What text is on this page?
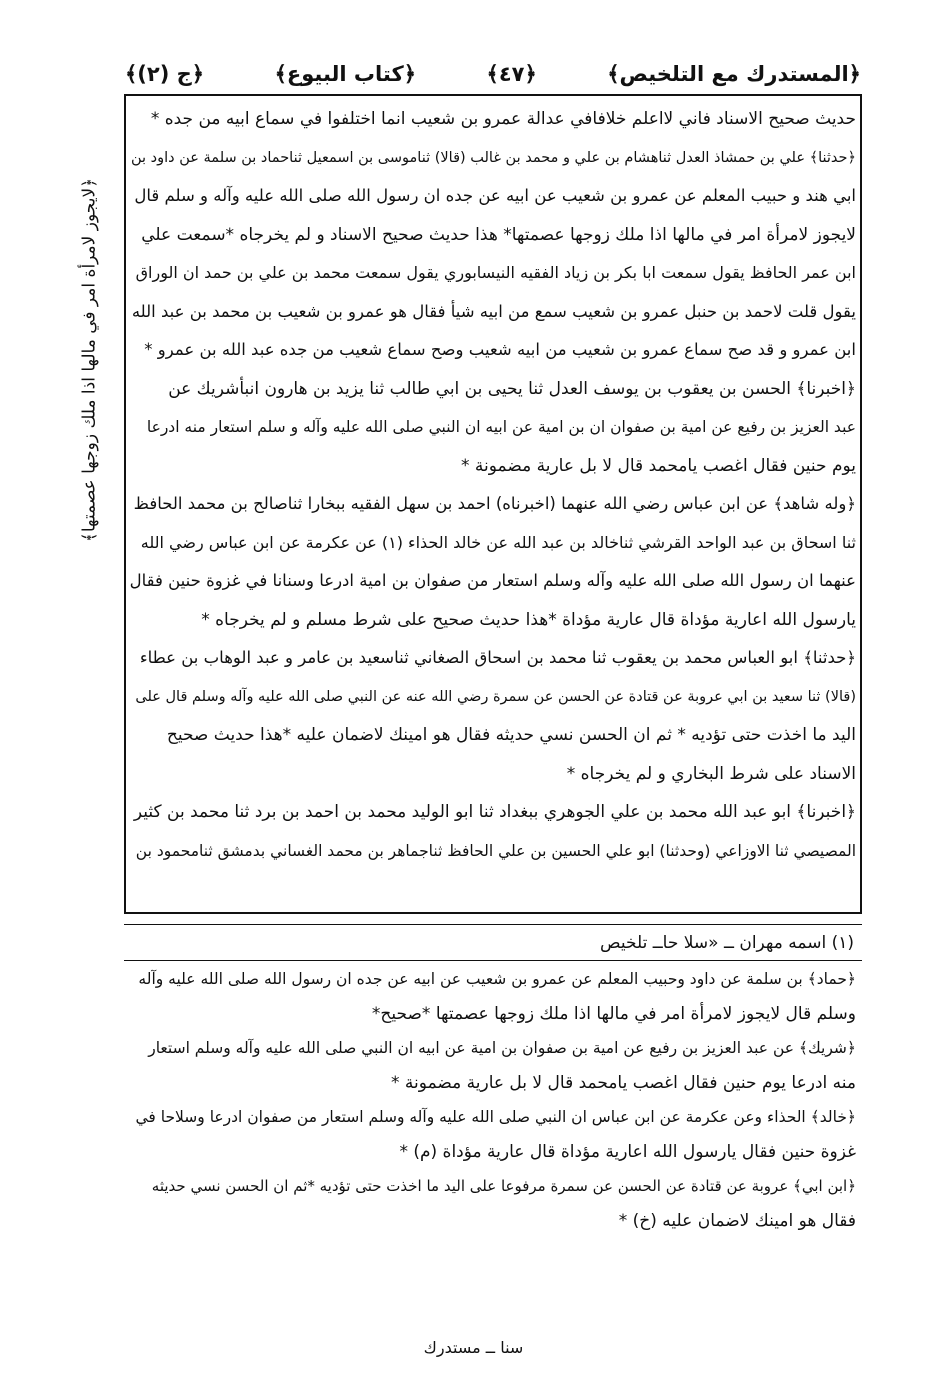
﴿المستدرك مع التلخيص﴾
﴿٤٧﴾
﴿كتاب البيوع﴾
﴿ج (٢)﴾
﴿لايجوز لامرأة امر في مالها اذا ملك زوجها عصمتها﴾
حديث صحيح الاسناد فاني لااعلم خلافافي عدالة عمرو بن شعيب انما اختلفوا في سماع ابيه من جده *
﴿حدثنا﴾ علي بن حمشاذ العدل ثناهشام بن علي و محمد بن غالب (قالا) ثناموسى بن اسمعيل ثناحماد بن سلمة عن داود بن
ابي هند و حبيب المعلم عن عمرو بن شعيب عن ابيه عن جده ان رسول الله صلى الله عليه وآله و سلم قال
لايجوز لامرأة امر في مالها اذا ملك زوجها عصمتها* هذا حديث صحيح الاسناد و لم يخرجاه *سمعت علي
ابن عمر الحافظ يقول سمعت ابا بكر بن زياد الفقيه النيسابوري يقول سمعت محمد بن علي بن حمد ان الوراق
يقول قلت لاحمد بن حنبل عمرو بن شعيب سمع من ابيه شيأ فقال هو عمرو بن شعيب بن محمد بن عبد الله
ابن عمرو و قد صح سماع عمرو بن شعيب من ابيه شعيب وصح سماع شعيب من جده عبد الله بن عمرو *
﴿اخبرنا﴾ الحسن بن يعقوب بن يوسف العدل ثنا يحيى بن ابي طالب ثنا يزيد بن هارون انبأشريك عن
عبد العزيز بن رفيع عن امية بن صفوان ان بن امية عن ابيه ان النبي صلى الله عليه وآله و سلم استعار منه ادرعا
يوم حنين فقال اغصب يامحمد قال لا بل عارية مضمونة *
﴿وله شاهد﴾ عن ابن عباس رضي الله عنهما (اخبرناه) احمد بن سهل الفقيه ببخارا ثناصالح بن محمد الحافظ
ثنا اسحاق بن عبد الواحد القرشي ثناخالد بن عبد الله عن خالد الحذاء (١) عن عكرمة عن ابن عباس رضي الله
عنهما ان رسول الله صلى الله عليه وآله وسلم استعار من صفوان بن امية ادرعا وسنانا في غزوة حنين فقال
يارسول الله اعارية مؤداة قال عارية مؤداة *هذا حديث صحيح على شرط مسلم و لم يخرجاه *
﴿حدثنا﴾ ابو العباس محمد بن يعقوب ثنا محمد بن اسحاق الصغاني ثناسعيد بن عامر و عبد الوهاب بن عطاء
(قالا) ثنا سعيد بن ابي عروبة عن قتادة عن الحسن عن سمرة رضي الله عنه عن النبي صلى الله عليه وآله وسلم قال على
اليد ما اخذت حتى تؤديه * ثم ان الحسن نسي حديثه فقال هو امينك لاضمان عليه *هذا حديث صحيح
الاسناد على شرط البخاري و لم يخرجاه *
﴿اخبرنا﴾ ابو عبد الله محمد بن علي الجوهري ببغداد ثنا ابو الوليد محمد بن احمد بن برد ثنا محمد بن كثير
المصيصي ثنا الاوزاعي (وحدثنا) ابو علي الحسين بن علي الحافظ ثناجماهر بن محمد الغساني بدمشق ثنامحمود بن
(١) اسمه مهران ــ «سلا حاــ تلخيص
﴿حماد﴾ بن سلمة عن داود وحبيب المعلم عن عمرو بن شعيب عن ابيه عن جده ان رسول الله صلى الله عليه وآله
وسلم قال لايجوز لامرأة امر في مالها اذا ملك زوجها عصمتها *صحيح*
﴿شريك﴾ عن عبد العزيز بن رفيع عن امية بن صفوان بن امية عن ابيه ان النبي صلى الله عليه وآله وسلم استعار
منه ادرعا يوم حنين فقال اغصب يامحمد قال لا بل عارية مضمونة *
﴿خالد﴾ الحذاء وعن عكرمة عن ابن عباس ان النبي صلى الله عليه وآله وسلم استعار من صفوان ادرعا وسلاحا في
غزوة حنين فقال يارسول الله اعارية مؤداة قال عارية مؤداة (م) *
﴿ابن ابي﴾ عروبة عن قتادة عن الحسن عن سمرة مرفوعا على اليد ما اخذت حتى تؤديه *ثم ان الحسن نسي حديثه
فقال هو امينك لاضمان عليه (خ) *
سنا ــ مستدرك
